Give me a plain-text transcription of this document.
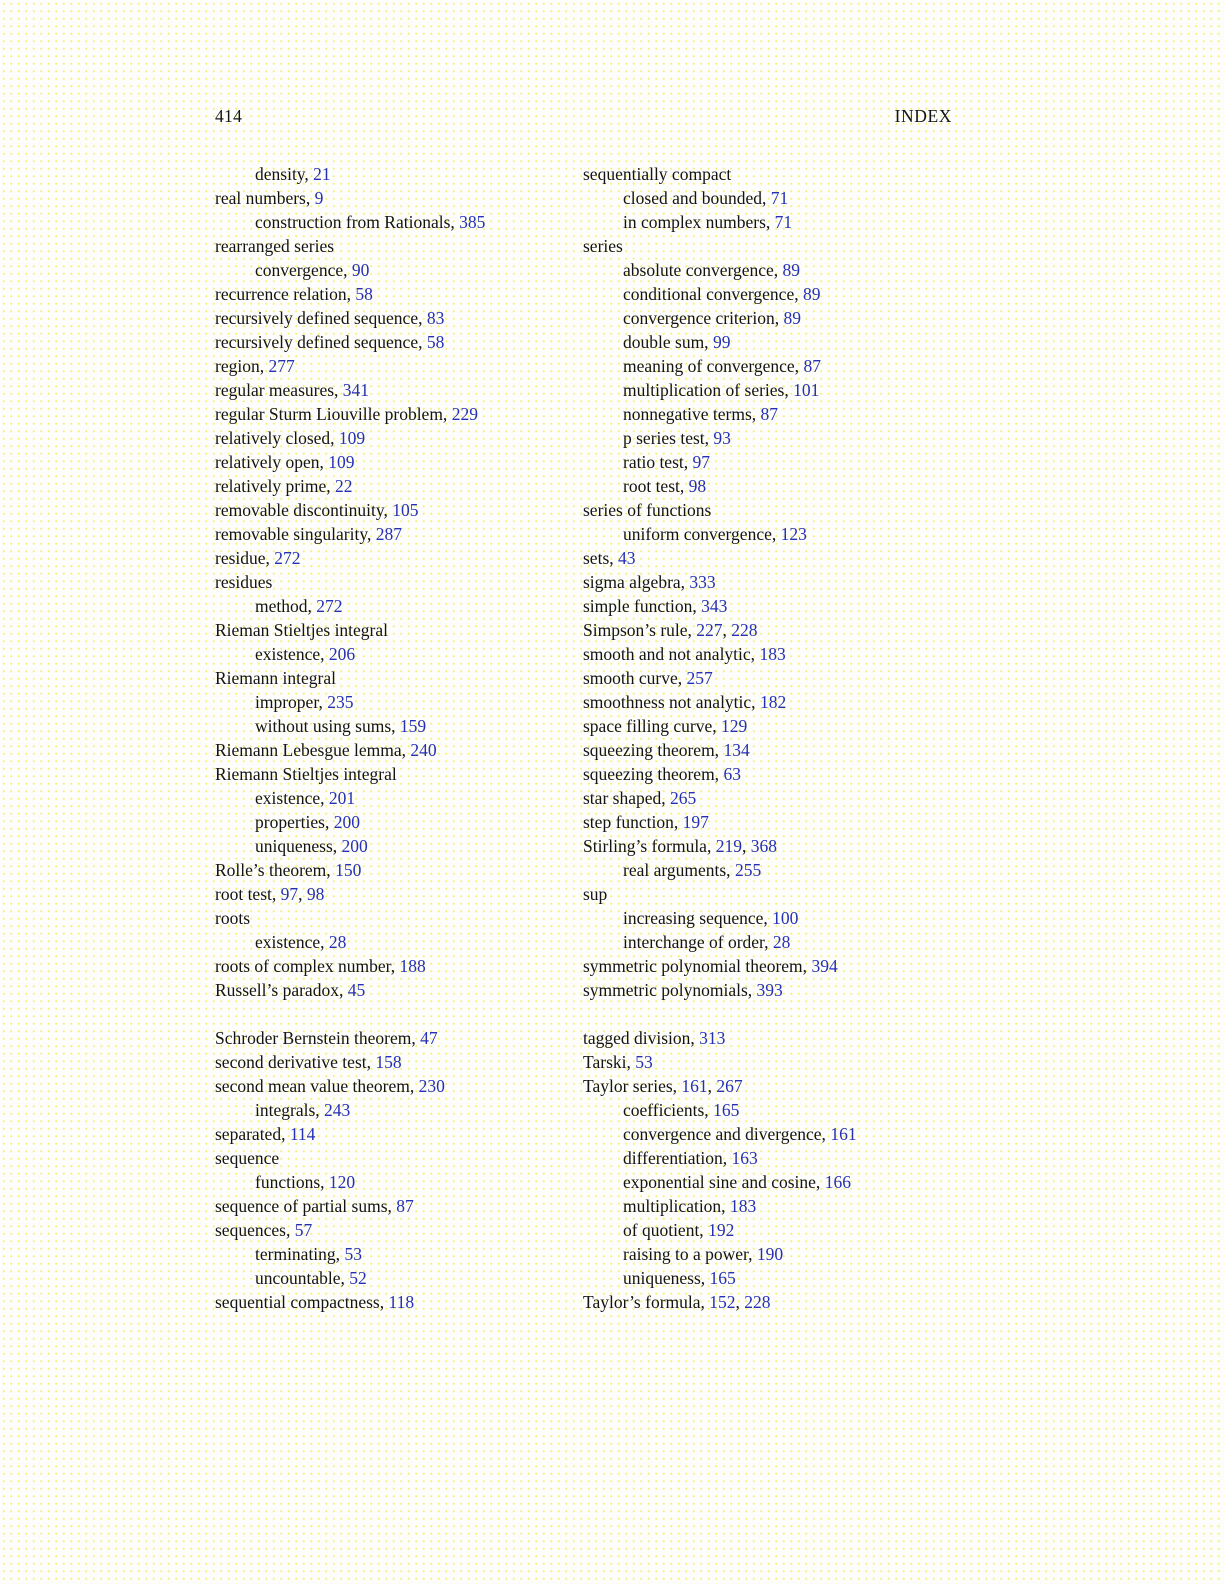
414	INDEX
density, 21
real numbers, 9
construction from Rationals, 385
rearranged series
convergence, 90
recurrence relation, 58
recursively defined sequence, 83
recursively defined sequence, 58
region, 277
regular measures, 341
regular Sturm Liouville problem, 229
relatively closed, 109
relatively open, 109
relatively prime, 22
removable discontinuity, 105
removable singularity, 287
residue, 272
residues
method, 272
Rieman Stieltjes integral
existence, 206
Riemann integral
improper, 235
without using sums, 159
Riemann Lebesgue lemma, 240
Riemann Stieltjes integral
existence, 201
properties, 200
uniqueness, 200
Rolle’s theorem, 150
root test, 97, 98
roots
existence, 28
roots of complex number, 188
Russell’s paradox, 45
Schroder Bernstein theorem, 47
second derivative test, 158
second mean value theorem, 230
integrals, 243
separated, 114
sequence
functions, 120
sequence of partial sums, 87
sequences, 57
terminating, 53
uncountable, 52
sequential compactness, 118
sequentially compact
closed and bounded, 71
in complex numbers, 71
series
absolute convergence, 89
conditional convergence, 89
convergence criterion, 89
double sum, 99
meaning of convergence, 87
multiplication of series, 101
nonnegative terms, 87
p series test, 93
ratio test, 97
root test, 98
series of functions
uniform convergence, 123
sets, 43
sigma algebra, 333
simple function, 343
Simpson’s rule, 227, 228
smooth and not analytic, 183
smooth curve, 257
smoothness not analytic, 182
space filling curve, 129
squeezing theorem, 134
squeezing theorem, 63
star shaped, 265
step function, 197
Stirling’s formula, 219, 368
real arguments, 255
sup
increasing sequence, 100
interchange of order, 28
symmetric polynomial theorem, 394
symmetric polynomials, 393
tagged division, 313
Tarski, 53
Taylor series, 161, 267
coefficients, 165
convergence and divergence, 161
differentiation, 163
exponential sine and cosine, 166
multiplication, 183
of quotient, 192
raising to a power, 190
uniqueness, 165
Taylor’s formula, 152, 228
